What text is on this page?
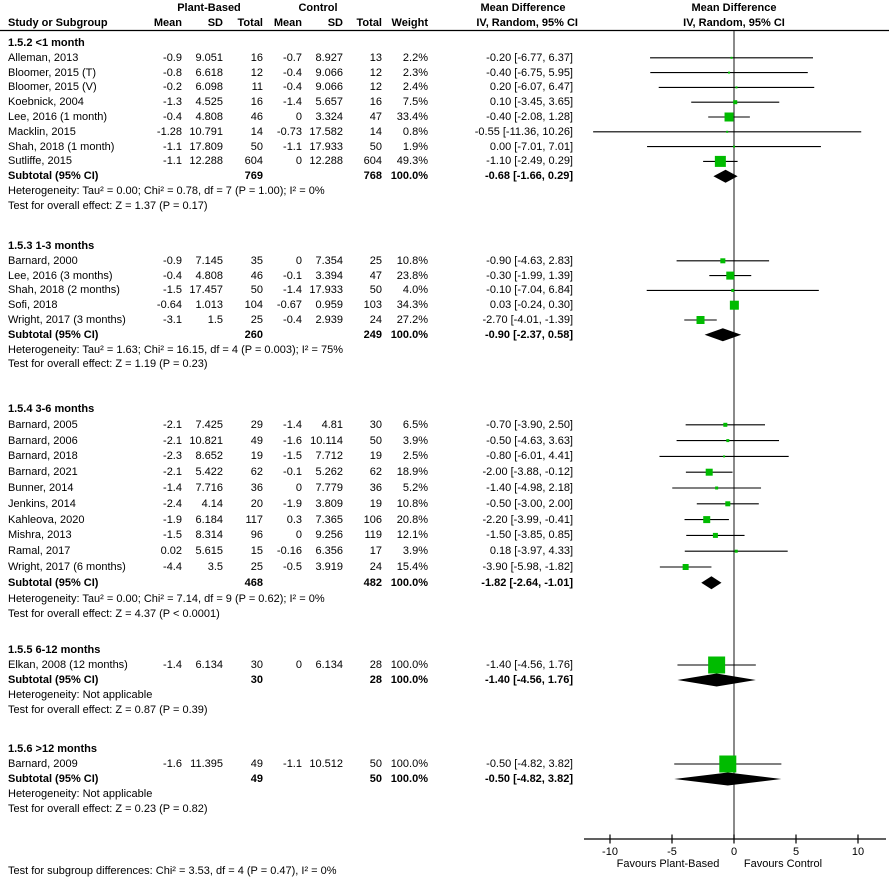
Plant-Based	Control	Mean Difference	Mean Difference
Study or Subgroup	Mean SD Total Mean SD Total Weight	IV, Random, 95% CI	IV, Random, 95% CI
1.5.2 <1 month
Alleman, 2013	-0.9 9.051	16 -0.7 8.927 13 2.2%	-0.20 [-6.77, 6.37]
Bloomer, 2015 (T)	-0.8 6.618	12 -0.4 9.066 12 2.3%	-0.40 [-6.75, 5.95]
Bloomer, 2015 (V)	-0.2 6.098	11 -0.4 9.066 12 2.4%	0.20 [-6.07, 6.47]
Koebnick, 2004	-1.3 4.525	16 -1.4 5.657 16 7.5%	0.10 [-3.45, 3.65]
Lee, 2016 (1 month)	-0.4 4.808	46	0 3.324 47 33.4%	-0.40 [-2.08, 1.28]
Macklin, 2015	-1.28 10.791	14 -0.73 17.582 14 0.8%	-0.55 [-11.36, 10.26]
Shah, 2018 (1 month)	-1.1 17.809	50 -1.1 17.933 50 1.9%	0.00 [-7.01, 7.01]
Sutliffe, 2015	-1.1 12.288 604	0 12.288 604 49.3%	-1.10 [-2.49, 0.29]
Subtotal (95% CI)	769	768 100.0%	-0.68 [-1.66, 0.29]
Heterogeneity: Tau² = 0.00; Chi² = 0.78, df = 7 (P = 1.00); I² = 0%
Test for overall effect: Z = 1.37 (P = 0.17)
1.5.3 1-3 months
Barnard, 2000	-0.9 7.145	35	0 7.354 25 10.8%	-0.90 [-4.63, 2.83]
Lee, 2016 (3 months)	-0.4 4.808	46 -0.1 3.394 47 23.8%	-0.30 [-1.99, 1.39]
Shah, 2018 (2 months)	-1.5 17.457	50 -1.4 17.933 50 4.0%	-0.10 [-7.04, 6.84]
Sofi, 2018	-0.64 1.013 104 -0.67 0.959 103 34.3%	0.03 [-0.24, 0.30]
Wright, 2017 (3 months)	-3.1 1.5	25 -0.4 2.939 24 27.2%	-2.70 [-4.01, -1.39]
Subtotal (95% CI)	260	249 100.0%	-0.90 [-2.37, 0.58]
Heterogeneity: Tau² = 1.63; Chi² = 16.15, df = 4 (P = 0.003); I² = 75%
Test for overall effect: Z = 1.19 (P = 0.23)
1.5.4 3-6 months
Barnard, 2005	-2.1 7.425	29 -1.4 4.81 30 6.5%	-0.70 [-3.90, 2.50]
Barnard, 2006	-2.1 10.821	49 -1.6 10.114 50 3.9%	-0.50 [-4.63, 3.63]
Barnard, 2018	-2.3 8.652	19 -1.5 7.712 19 2.5%	-0.80 [-6.01, 4.41]
Barnard, 2021	-2.1 5.422	62 -0.1 5.262 62 18.9%	-2.00 [-3.88, -0.12]
Bunner, 2014	-1.4 7.716	36	0 7.779 36 5.2%	-1.40 [-4.98, 2.18]
Jenkins, 2014	-2.4 4.14	20 -1.9 3.809 19 10.8%	-0.50 [-3.00, 2.00]
Kahleova, 2020	-1.9 6.184 117 0.3 7.365 106 20.8%	-2.20 [-3.99, -0.41]
Mishra, 2013	-1.5 8.314	96	0 9.256 119 12.1%	-1.50 [-3.85, 0.85]
Ramal, 2017	0.02 5.615	15 -0.16 6.356 17 3.9%	0.18 [-3.97, 4.33]
Wright, 2017 (6 months)	-4.4 3.5	25 -0.5 3.919 24 15.4%	-3.90 [-5.98, -1.82]
Subtotal (95% CI)	468	482 100.0%	-1.82 [-2.64, -1.01]
Heterogeneity: Tau² = 0.00; Chi² = 7.14, df = 9 (P = 0.62); I² = 0%
Test for overall effect: Z = 4.37 (P < 0.0001)
1.5.5 6-12 months
Elkan, 2008 (12 months)	-1.4 6.134	30	0 6.134 28 100.0%	-1.40 [-4.56, 1.76]
Subtotal (95% CI)	30	28 100.0%	-1.40 [-4.56, 1.76]
Heterogeneity: Not applicable
Test for overall effect: Z = 0.87 (P = 0.39)
1.5.6 >12 months
Barnard, 2009	-1.6 11.395	49 -1.1 10.512 50 100.0%	-0.50 [-4.82, 3.82]
Subtotal (95% CI)	49	50 100.0%	-0.50 [-4.82, 3.82]
Heterogeneity: Not applicable
Test for overall effect: Z = 0.23 (P = 0.82)
-10	-5	0	5	10
Favours Plant-Based	Favours Control
Test for subgroup differences: Chi² = 3.53, df = 4 (P = 0.47), I² = 0%
